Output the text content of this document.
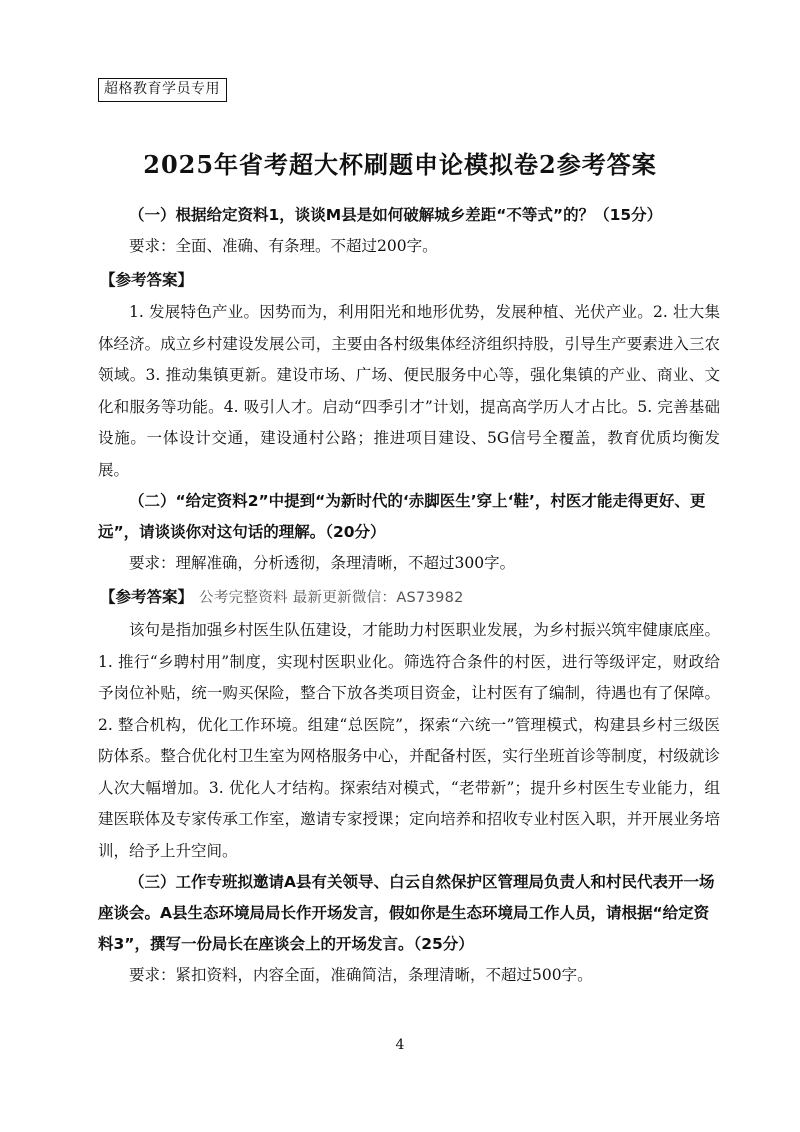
超格教育学员专用
2025年省考超大杯刷题申论模拟卷2参考答案

（一）根据给定资料1，谈谈M县是如何破解城乡差距“不等式”的？（15分）

要求：全面、准确、有条理。不超过200字。

【参考答案】

1. 发展特色产业。因势而为，利用阳光和地形优势，发展种植、光伏产业。2. 壮大集体经济。成立乡村建设发展公司，主要由各村级集体经济组织持股，引导生产要素进入三农领域。3. 推动集镇更新。建设市场、广场、便民服务中心等，强化集镇的产业、商业、文化和服务等功能。4. 吸引人才。启动“四季引才”计划，提高高学历人才占比。5. 完善基础设施。一体设计交通，建设通村公路；推进项目建设、5G信号全覆盖，教育优质均衡发展。

（二）“给定资料2”中提到“为新时代的‘赤脚医生’穿上‘鞋’，村医才能走得更好、更远”，请谈谈你对这句话的理解。（20分）

要求：理解准确，分析透彻，条理清晰，不超过300字。

【参考答案】 公考完整资料 最新更新微信：AS73982

该句是指加强乡村医生队伍建设，才能助力村医职业发展，为乡村振兴筑牢健康底座。1. 推行“乡聘村用”制度，实现村医职业化。筛选符合条件的村医，进行等级评定，财政给予岗位补贴，统一购买保险，整合下放各类项目资金，让村医有了编制，待遇也有了保障。2. 整合机构，优化工作环境。组建“总医院”，探索“六统一”管理模式，构建县乡村三级医防体系。整合优化村卫生室为网格服务中心，并配备村医，实行坐班首诊等制度，村级就诊人次大幅增加。3. 优化人才结构。探索结对模式，“老带新”；提升乡村医生专业能力，组建医联体及专家传承工作室，邀请专家授课；定向培养和招收专业村医入职，并开展业务培训，给予上升空间。

（三）工作专班拟邀请A县有关领导、白云自然保护区管理局负责人和村民代表开一场座谈会。A县生态环境局局长作开场发言，假如你是生态环境局工作人员，请根据“给定资料3”，撰写一份局长在座谈会上的开场发言。（25分）

要求：紧扣资料，内容全面，准确简洁，条理清晰，不超过500字。

4
